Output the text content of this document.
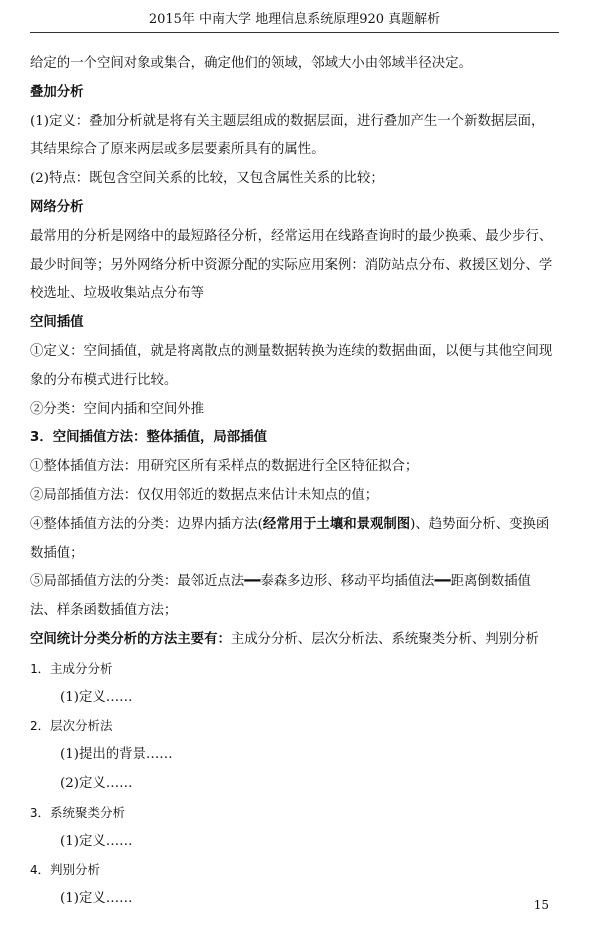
2015年 中南大学 地理信息系统原理920 真题解析

给定的一个空间对象或集合，确定他们的领域，邻域大小由邻域半径决定。

叠加分析

(1)定义：叠加分析就是将有关主题层组成的数据层面，进行叠加产生一个新数据层面，其结果综合了原来两层或多层要素所具有的属性。

(2)特点：既包含空间关系的比较，又包含属性关系的比较；

网络分析

最常用的分析是网络中的最短路径分析，经常运用在线路查询时的最少换乘、最少步行、最少时间等；另外网络分析中资源分配的实际应用案例：消防站点分布、救援区划分、学校选址、垃圾收集站点分布等

空间插值

①定义：空间插值，就是将离散点的测量数据转换为连续的数据曲面，以便与其他空间现象的分布模式进行比较。

②分类：空间内插和空间外推

3．空间插值方法：整体插值，局部插值

①整体插值方法：用研究区所有采样点的数据进行全区特征拟合；

②局部插值方法：仅仅用邻近的数据点来估计未知点的值；

④整体插值方法的分类：边界内插方法(经常用于土壤和景观制图)、趋势面分析、变换函数插值；

⑤局部插值方法的分类：最邻近点法━━泰森多边形、移动平均插值法━━距离倒数插值法、样条函数插值方法；

空间统计分类分析的方法主要有：主成分分析、层次分析法、系统聚类分析、判别分析

1．主成分分析

(1)定义……

2．层次分析法

(1)提出的背景……

(2)定义……

3．系统聚类分析

(1)定义……

4．判别分析

(1)定义……	15
